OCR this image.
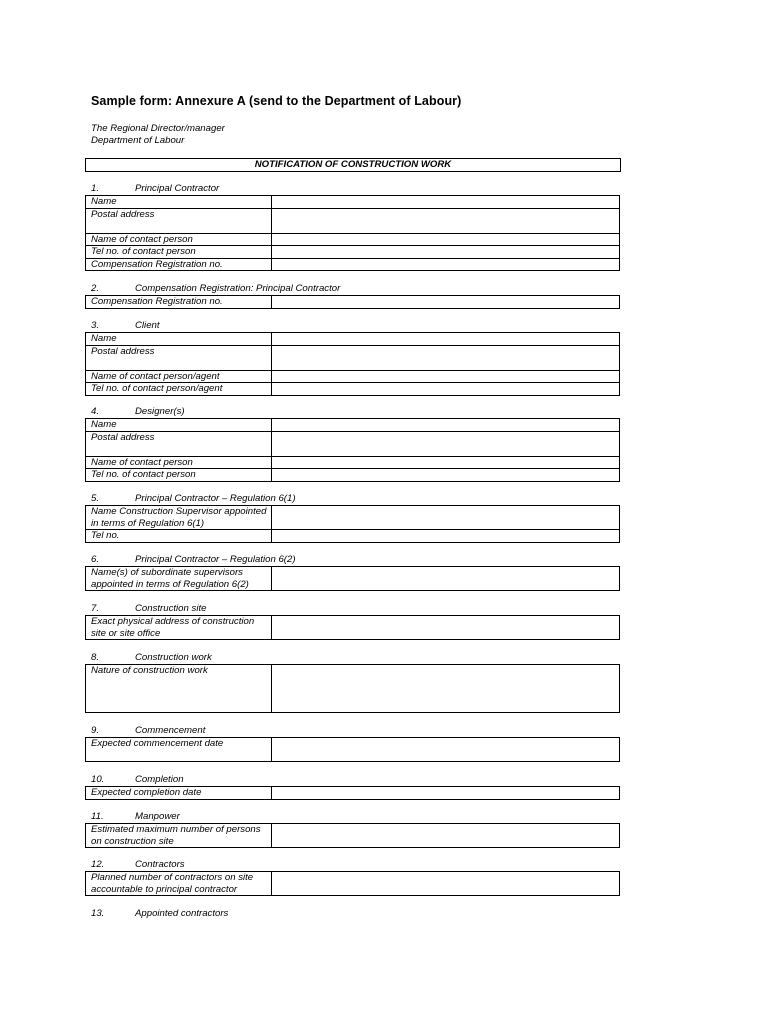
Sample form: Annexure A (send to the Department of Labour)
The Regional Director/manager
Department of Labour
NOTIFICATION OF CONSTRUCTION WORK
1.	Principal Contractor
Name	
Postal address	
Name of contact person	
Tel no. of contact person	
Compensation Registration no.	
2.	Compensation Registration: Principal Contractor
Compensation Registration no.	
3.	Client
Name	
Postal address	
Name of contact person/agent	
Tel no. of contact person/agent	
4.	Designer(s)
Name	
Postal address	
Name of contact person	
Tel no. of contact person	
5.	Principal Contractor – Regulation 6(1)
Name Construction Supervisor appointed in terms of Regulation 6(1)	
Tel no.	
6.	Principal Contractor – Regulation 6(2)
Name(s) of subordinate supervisors appointed in terms of Regulation 6(2)	
7.	Construction site
Exact physical address of construction site or site office	
8.	Construction work
Nature of construction work	
9.	Commencement
Expected commencement date	
10.	Completion
Expected completion date	
11.	Manpower
Estimated maximum number of persons on construction site	
12.	Contractors
Planned number of contractors on site accountable to principal contractor	
13.	Appointed contractors
